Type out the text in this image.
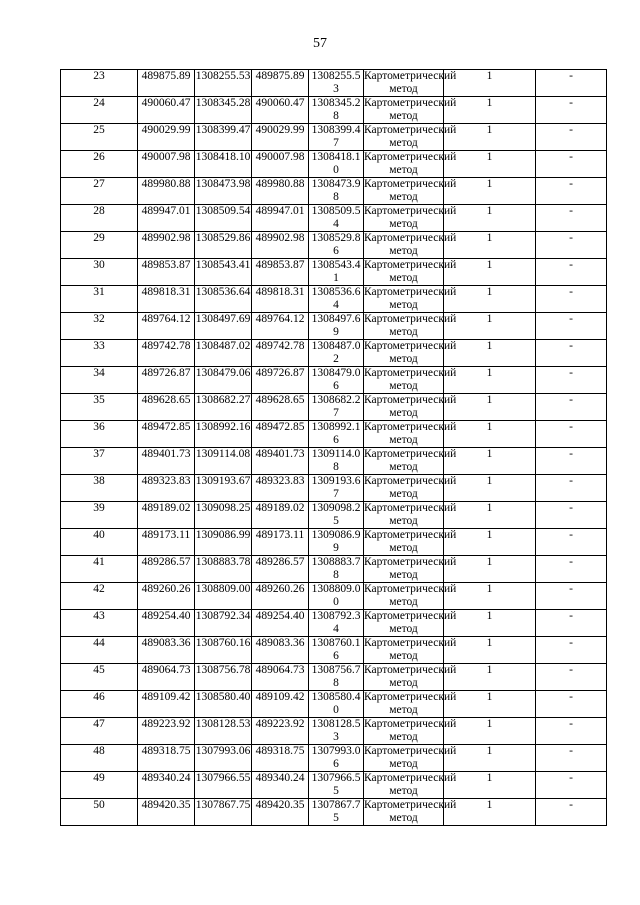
57
23	489875.89	1308255.53	489875.89	1308255.53	Картометрический метод	1	-
24	490060.47	1308345.28	490060.47	1308345.28	Картометрический метод	1	-
25	490029.99	1308399.47	490029.99	1308399.47	Картометрический метод	1	-
26	490007.98	1308418.10	490007.98	1308418.10	Картометрический метод	1	-
27	489980.88	1308473.98	489980.88	1308473.98	Картометрический метод	1	-
28	489947.01	1308509.54	489947.01	1308509.54	Картометрический метод	1	-
29	489902.98	1308529.86	489902.98	1308529.86	Картометрический метод	1	-
30	489853.87	1308543.41	489853.87	1308543.41	Картометрический метод	1	-
31	489818.31	1308536.64	489818.31	1308536.64	Картометрический метод	1	-
32	489764.12	1308497.69	489764.12	1308497.69	Картометрический метод	1	-
33	489742.78	1308487.02	489742.78	1308487.02	Картометрический метод	1	-
34	489726.87	1308479.06	489726.87	1308479.06	Картометрический метод	1	-
35	489628.65	1308682.27	489628.65	1308682.27	Картометрический метод	1	-
36	489472.85	1308992.16	489472.85	1308992.16	Картометрический метод	1	-
37	489401.73	1309114.08	489401.73	1309114.08	Картометрический метод	1	-
38	489323.83	1309193.67	489323.83	1309193.67	Картометрический метод	1	-
39	489189.02	1309098.25	489189.02	1309098.25	Картометрический метод	1	-
40	489173.11	1309086.99	489173.11	1309086.99	Картометрический метод	1	-
41	489286.57	1308883.78	489286.57	1308883.78	Картометрический метод	1	-
42	489260.26	1308809.00	489260.26	1308809.00	Картометрический метод	1	-
43	489254.40	1308792.34	489254.40	1308792.34	Картометрический метод	1	-
44	489083.36	1308760.16	489083.36	1308760.16	Картометрический метод	1	-
45	489064.73	1308756.78	489064.73	1308756.78	Картометрический метод	1	-
46	489109.42	1308580.40	489109.42	1308580.40	Картометрический метод	1	-
47	489223.92	1308128.53	489223.92	1308128.53	Картометрический метод	1	-
48	489318.75	1307993.06	489318.75	1307993.06	Картометрический метод	1	-
49	489340.24	1307966.55	489340.24	1307966.55	Картометрический метод	1	-
50	489420.35	1307867.75	489420.35	1307867.75	Картометрический метод	1	-
